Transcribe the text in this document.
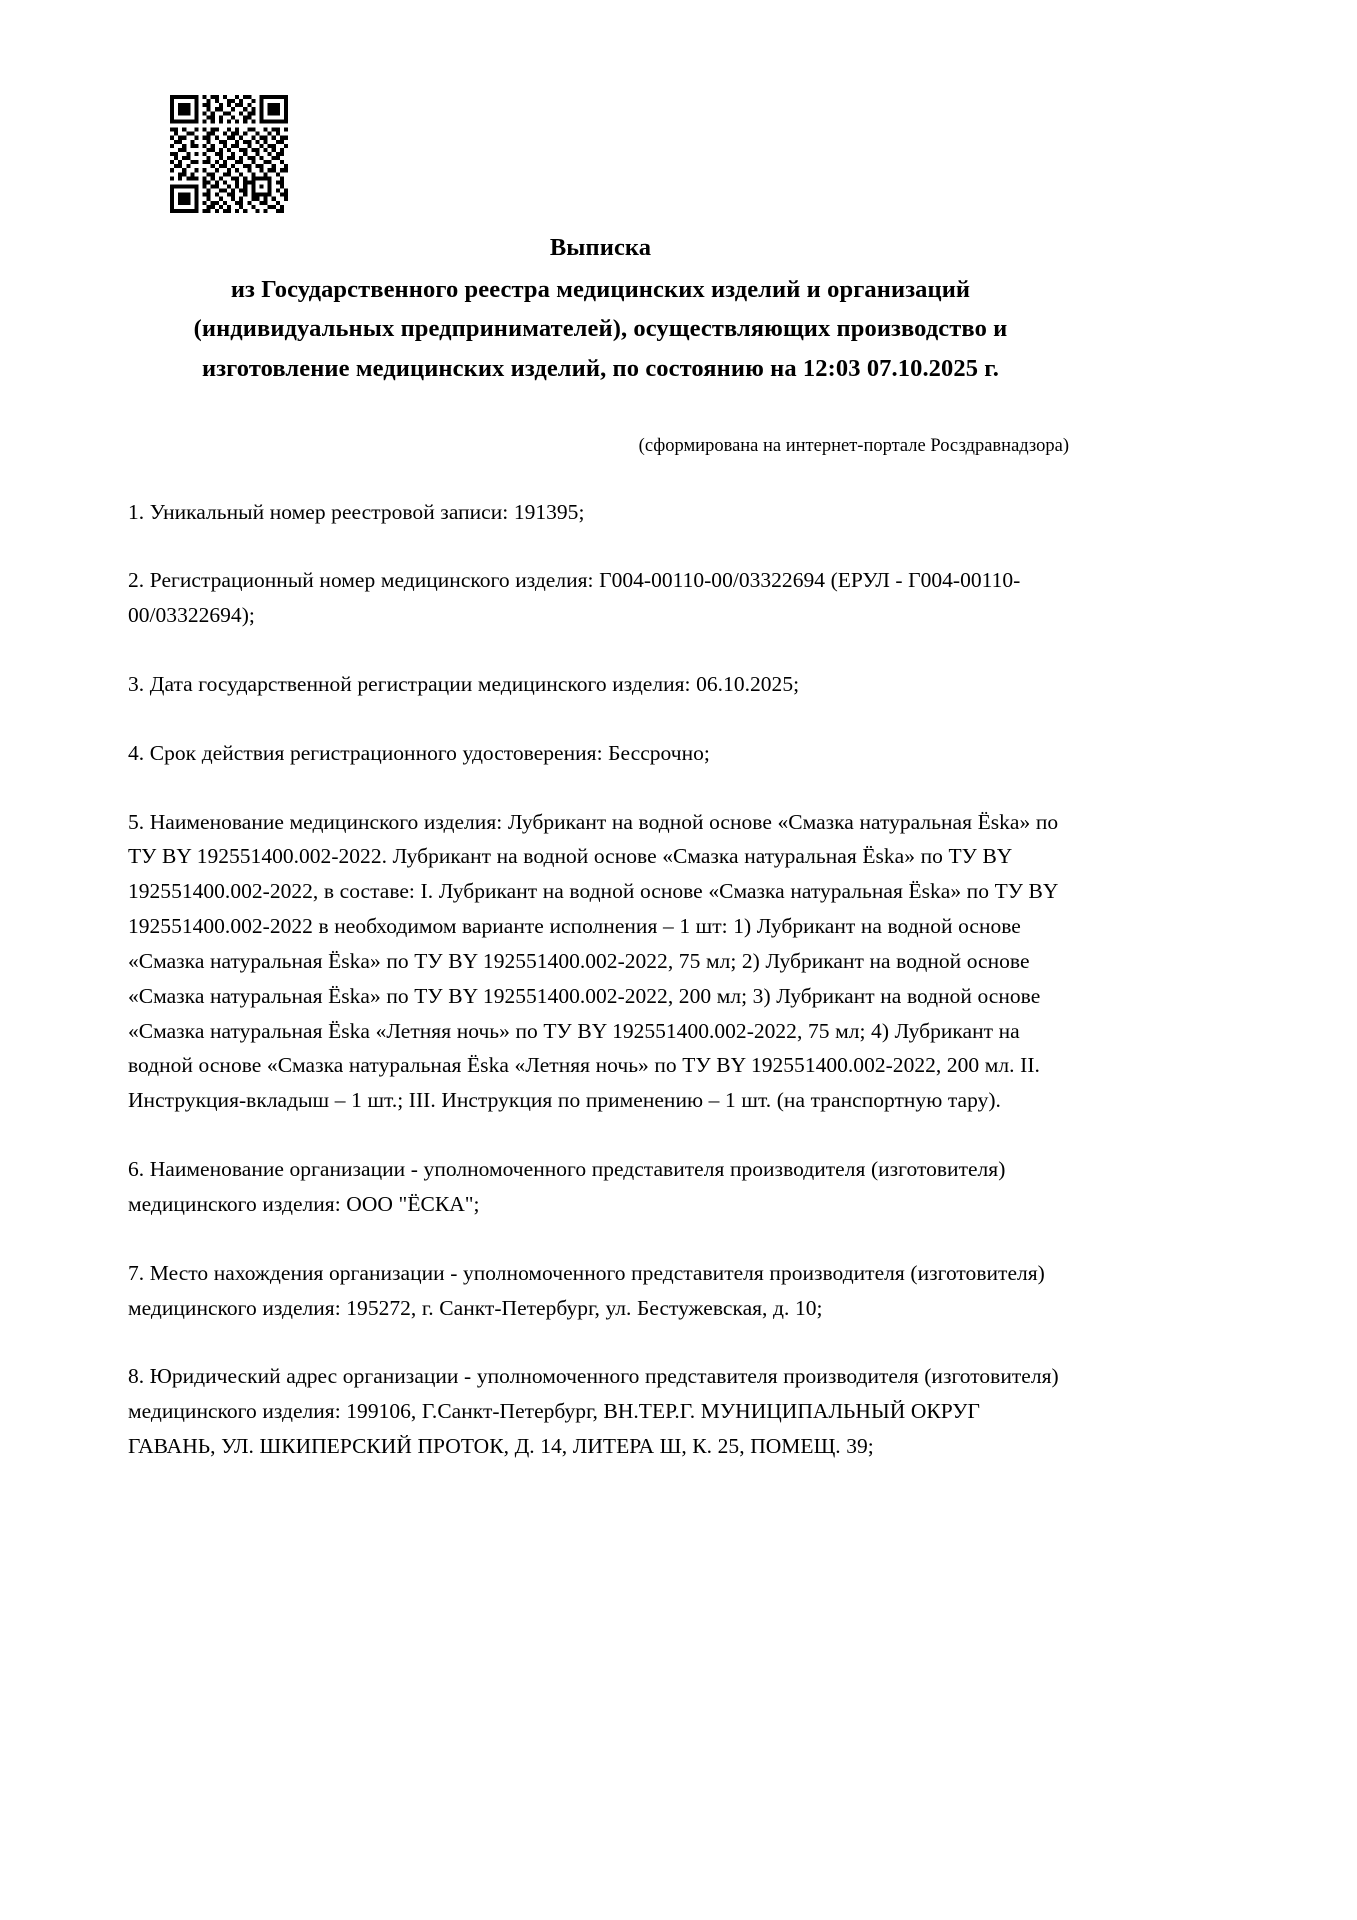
Выписка
из Государственного реестра медицинских изделий и организаций
(индивидуальных предпринимателей), осуществляющих производство и
изготовление медицинских изделий, по состоянию на 12:03 07.10.2025 г.
(сформирована на интернет-портале Росздравнадзора)

1. Уникальный номер реестровой записи: 191395;

2. Регистрационный номер медицинского изделия: Г004-00110-00/03322694 (ЕРУЛ - Г004-00110-00/03322694);

3. Дата государственной регистрации медицинского изделия: 06.10.2025;

4. Срок действия регистрационного удостоверения: Бессрочно;

5. Наименование медицинского изделия: Лубрикант на водной основе «Смазка натуральная Ëska» по ТУ BY 192551400.002-2022. Лубрикант на водной основе «Смазка натуральная Ëska» по ТУ BY 192551400.002-2022, в составе: I. Лубрикант на водной основе «Смазка натуральная Ëska» по ТУ BY 192551400.002-2022 в необходимом варианте исполнения – 1 шт: 1) Лубрикант на водной основе «Смазка натуральная Ëska» по ТУ BY 192551400.002-2022, 75 мл; 2) Лубрикант на водной основе «Смазка натуральная Ëska» по ТУ BY 192551400.002-2022, 200 мл; 3) Лубрикант на водной основе «Смазка натуральная Ëska «Летняя ночь» по ТУ BY 192551400.002-2022, 75 мл; 4) Лубрикант на водной основе «Смазка натуральная Ëska «Летняя ночь» по ТУ BY 192551400.002-2022, 200 мл. II. Инструкция-вкладыш – 1 шт.; III. Инструкция по применению – 1 шт. (на транспортную тару).

6. Наименование организации - уполномоченного представителя производителя (изготовителя) медицинского изделия: ООО "ЁСКА";

7. Место нахождения организации - уполномоченного представителя производителя (изготовителя) медицинского изделия: 195272, г. Санкт-Петербург, ул. Бестужевская, д. 10;

8. Юридический адрес организации - уполномоченного представителя производителя (изготовителя) медицинского изделия: 199106, Г.Санкт-Петербург, ВН.ТЕР.Г. МУНИЦИПАЛЬНЫЙ ОКРУГ ГАВАНЬ, УЛ. ШКИПЕРСКИЙ ПРОТОК, Д. 14, ЛИТЕРА Ш, К. 25, ПОМЕЩ. 39;
